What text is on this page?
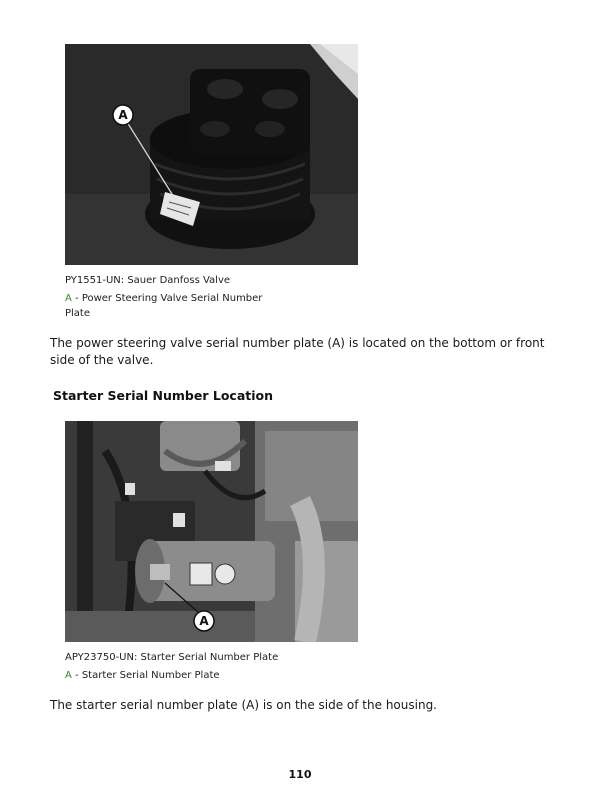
A
PY1551-UN: Sauer Danfoss Valve
A - Power Steering Valve Serial Number Plate
The power steering valve serial number plate (A) is located on the bottom or front side of the valve.
Starter Serial Number Location
A
APY23750-UN: Starter Serial Number Plate
A - Starter Serial Number Plate
The starter serial number plate (A) is on the side of the housing.
110
